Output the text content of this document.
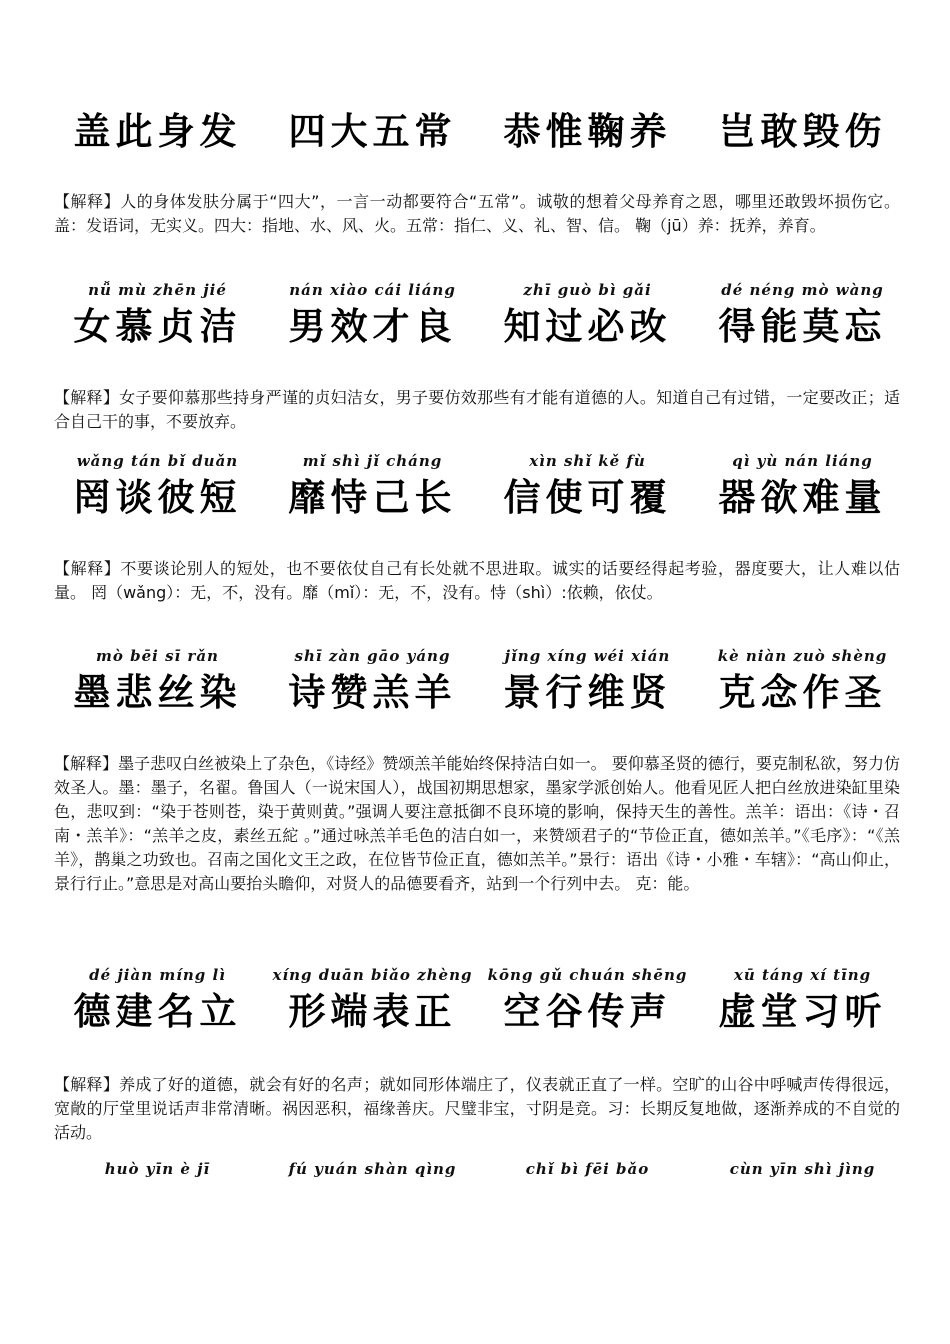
盖此身发	四大五常	恭惟鞠养	岂敢毁伤
【解释】人的身体发肤分属于“四大”，一言一动都要符合“五常”。诚敬的想着父母养育之恩，哪里还敢毁坏损伤它。 盖：发语词，无实义。四大：指地、水、风、火。五常：指仁、义、礼、智、信。 鞠（jū）养：抚养，养育。
nǚ mù zhēn jié	nán xiào cái liáng	zhī guò bì gǎi	dé néng mò wàng
女慕贞洁	男效才良	知过必改	得能莫忘
【解释】女子要仰慕那些持身严谨的贞妇洁女，男子要仿效那些有才能有道德的人。知道自己有过错，一定要改正；适合自己干的事，不要放弃。
wǎng tán bǐ duǎn	mǐ shì jǐ cháng	xìn shǐ kě fù	qì yù nán liáng
罔谈彼短	靡恃己长	信使可覆	器欲难量
【解释】不要谈论别人的短处，也不要依仗自己有长处就不思进取。诚实的话要经得起考验，器度要大，让人难以估量。 罔（wǎng）：无，不，没有。靡（mǐ）：无，不，没有。恃（shì）:依赖，依仗。
mò bēi sī rǎn	shī zàn gāo yáng	jǐng xíng wéi xián	kè niàn zuò shèng
墨悲丝染	诗赞羔羊	景行维贤	克念作圣
【解释】墨子悲叹白丝被染上了杂色，《诗经》赞颂羔羊能始终保持洁白如一。 要仰慕圣贤的德行，要克制私欲，努力仿效圣人。墨：墨子，名翟。鲁国人（一说宋国人），战国初期思想家，墨家学派创始人。他看见匠人把白丝放进染缸里染色，悲叹到：“染于苍则苍，染于黄则黄。”强调人要注意抵御不良环境的影响，保持天生的善性。羔羊：语出：《诗・召南・羔羊》：“羔羊之皮，素丝五紽 。”通过咏羔羊毛色的洁白如一，来赞颂君子的“节俭正直，德如羔羊。”《毛序》：“《羔羊》，鹊巢之功致也。召南之国化文王之政，在位皆节俭正直，德如羔羊。”景行：语出《诗・小雅・车辖》：“高山仰止，景行行止。”意思是对高山要抬头瞻仰，对贤人的品德要看齐，站到一个行列中去。 克：能。
dé jiàn míng lì	xíng duān biǎo zhèng	kōng gǔ chuán shēng	xū táng xí tīng
德建名立	形端表正	空谷传声	虚堂习听
【解释】养成了好的道德，就会有好的名声；就如同形体端庄了，仪表就正直了一样。空旷的山谷中呼喊声传得很远，宽敞的厅堂里说话声非常清晰。祸因恶积，福缘善庆。尺璧非宝，寸阴是竞。习：长期反复地做，逐渐养成的不自觉的活动。
huò yīn è jī	fú yuán shàn qìng	chǐ bì fēi bǎo	cùn yīn shì jìng
